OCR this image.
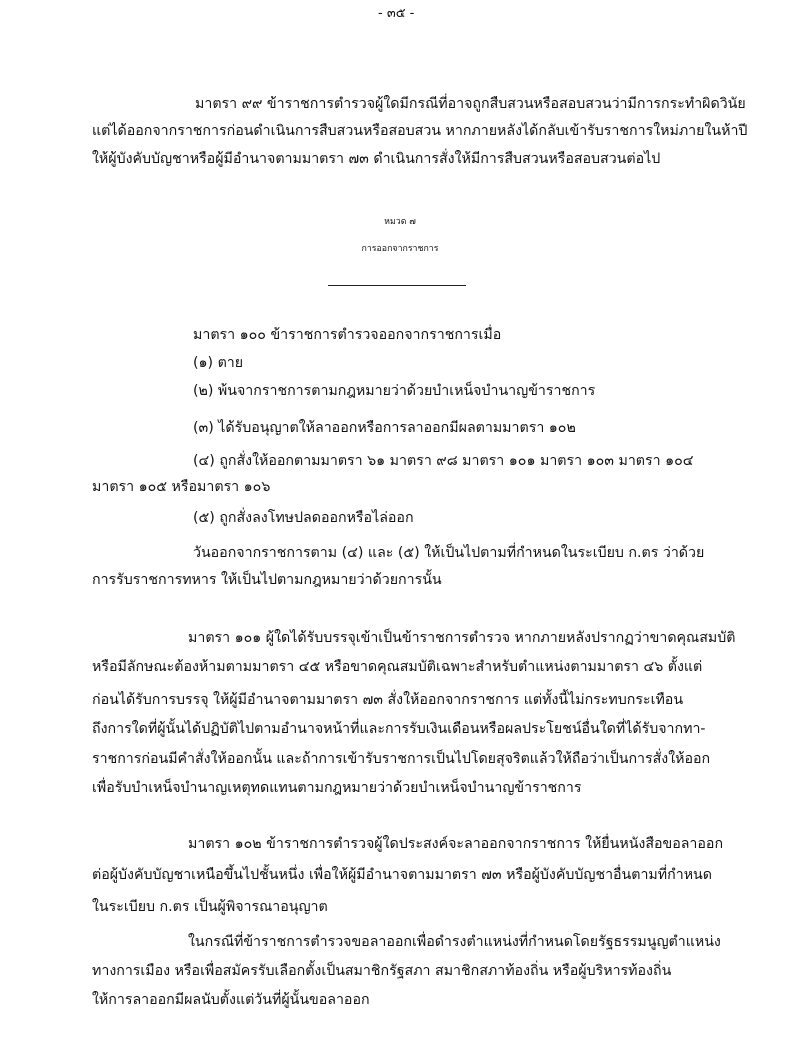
- ๓๕ -
มาตรา ๙๙ ข้าราชการตำรวจผู้ใดมีกรณีที่อาจถูกสืบสวนหรือสอบสวนว่ามีการกระทำผิดวินัย
แต่ได้ออกจากราชการก่อนดำเนินการสืบสวนหรือสอบสวน หากภายหลังได้กลับเข้ารับราชการใหม่ภายในห้าปี
ให้ผู้บังคับบัญชาหรือผู้มีอำนาจตามมาตรา ๗๓ ดำเนินการสั่งให้มีการสืบสวนหรือสอบสวนต่อไป
หมวด ๗
การออกจากราชการ
มาตรา ๑๐๐ ข้าราชการตำรวจออกจากราชการเมื่อ
(๑) ตาย
(๒) พ้นจากราชการตามกฎหมายว่าด้วยบำเหน็จบำนาญข้าราชการ
(๓) ได้รับอนุญาตให้ลาออกหรือการลาออกมีผลตามมาตรา ๑๐๒
(๔) ถูกสั่งให้ออกตามมาตรา ๖๑ มาตรา ๙๘ มาตรา ๑๐๑ มาตรา ๑๐๓ มาตรา ๑๐๔
มาตรา ๑๐๕ หรือมาตรา ๑๐๖
(๕) ถูกสั่งลงโทษปลดออกหรือไล่ออก
วันออกจากราชการตาม (๔) และ (๕) ให้เป็นไปตามที่กำหนดในระเบียบ ก.ตร ว่าด้วย
การรับราชการทหาร ให้เป็นไปตามกฎหมายว่าด้วยการนั้น
มาตรา ๑๐๑ ผู้ใดได้รับบรรจุเข้าเป็นข้าราชการตำรวจ หากภายหลังปรากฏว่าขาดคุณสมบัติ
หรือมีลักษณะต้องห้ามตามมาตรา ๔๕ หรือขาดคุณสมบัติเฉพาะสำหรับตำแหน่งตามมาตรา ๔๖ ตั้งแต่
ก่อนได้รับการบรรจุ ให้ผู้มีอำนาจตามมาตรา ๗๓ สั่งให้ออกจากราชการ แต่ทั้งนี้ไม่กระทบกระเทือน
ถึงการใดที่ผู้นั้นได้ปฏิบัติไปตามอำนาจหน้าที่และการรับเงินเดือนหรือผลประโยชน์อื่นใดที่ได้รับจากทา-
ราชการก่อนมีคำสั่งให้ออกนั้น และถ้าการเข้ารับราชการเป็นไปโดยสุจริตแล้วให้ถือว่าเป็นการสั่งให้ออก
เพื่อรับบำเหน็จบำนาญเหตุทดแทนตามกฎหมายว่าด้วยบำเหน็จบำนาญข้าราชการ
มาตรา ๑๐๒ ข้าราชการตำรวจผู้ใดประสงค์จะลาออกจากราชการ ให้ยื่นหนังสือขอลาออก
ต่อผู้บังคับบัญชาเหนือขึ้นไปชั้นหนึ่ง เพื่อให้ผู้มีอำนาจตามมาตรา ๗๓ หรือผู้บังคับบัญชาอื่นตามที่กำหนด
ในระเบียบ ก.ตร เป็นผู้พิจารณาอนุญาต
ในกรณีที่ข้าราชการตำรวจขอลาออกเพื่อดำรงตำแหน่งที่กำหนดโดยรัฐธรรมนูญตำแหน่ง
ทางการเมือง หรือเพื่อสมัครรับเลือกตั้งเป็นสมาชิกรัฐสภา สมาชิกสภาท้องถิ่น หรือผู้บริหารท้องถิ่น
ให้การลาออกมีผลนับตั้งแต่วันที่ผู้นั้นขอลาออก
